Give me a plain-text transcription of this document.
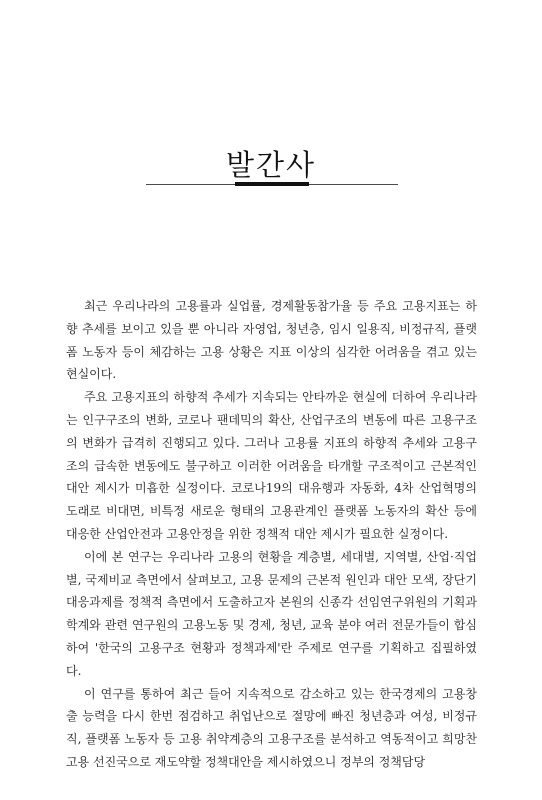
발간사

최근 우리나라의 고용률과 실업률, 경제활동참가율 등 주요 고용지표는 하향 추세를 보이고 있을 뿐 아니라 자영업, 청년층, 임시 일용직, 비정규직, 플랫폼 노동자 등이 체감하는 고용 상황은 지표 이상의 심각한 어려움을 겪고 있는 현실이다.

주요 고용지표의 하향적 추세가 지속되는 안타까운 현실에 더하여 우리나라는 인구구조의 변화, 코로나 팬데믹의 확산, 산업구조의 변동에 따른 고용구조의 변화가 급격히 진행되고 있다. 그러나 고용률 지표의 하향적 추세와 고용구조의 급속한 변동에도 불구하고 이러한 어려움을 타개할 구조적이고 근본적인 대안 제시가 미흡한 실정이다. 코로나19의 대유행과 자동화, 4차 산업혁명의 도래로 비대면, 비특정 새로운 형태의 고용관계인 플랫폼 노동자의 확산 등에 대응한 산업안전과 고용안정을 위한 정책적 대안 제시가 필요한 실정이다.

이에 본 연구는 우리나라 고용의 현황을 계층별, 세대별, 지역별, 산업·직업별, 국제비교 측면에서 살펴보고, 고용 문제의 근본적 원인과 대안 모색, 장단기 대응과제를 정책적 측면에서 도출하고자 본원의 신종각 선임연구위원의 기획과 학계와 관련 연구원의 고용노동 및 경제, 청년, 교육 분야 여러 전문가들이 합심하여 '한국의 고용구조 현황과 정책과제'란 주제로 연구를 기획하고 집필하였다.

이 연구를 통하여 최근 들어 지속적으로 감소하고 있는 한국경제의 고용창출 능력을 다시 한번 점검하고 취업난으로 절망에 빠진 청년층과 여성, 비정규직, 플랫폼 노동자 등 고용 취약계층의 고용구조를 분석하고 역동적이고 희망찬 고용 선진국으로 재도약할 정책대안을 제시하였으니 정부의 정책담당
